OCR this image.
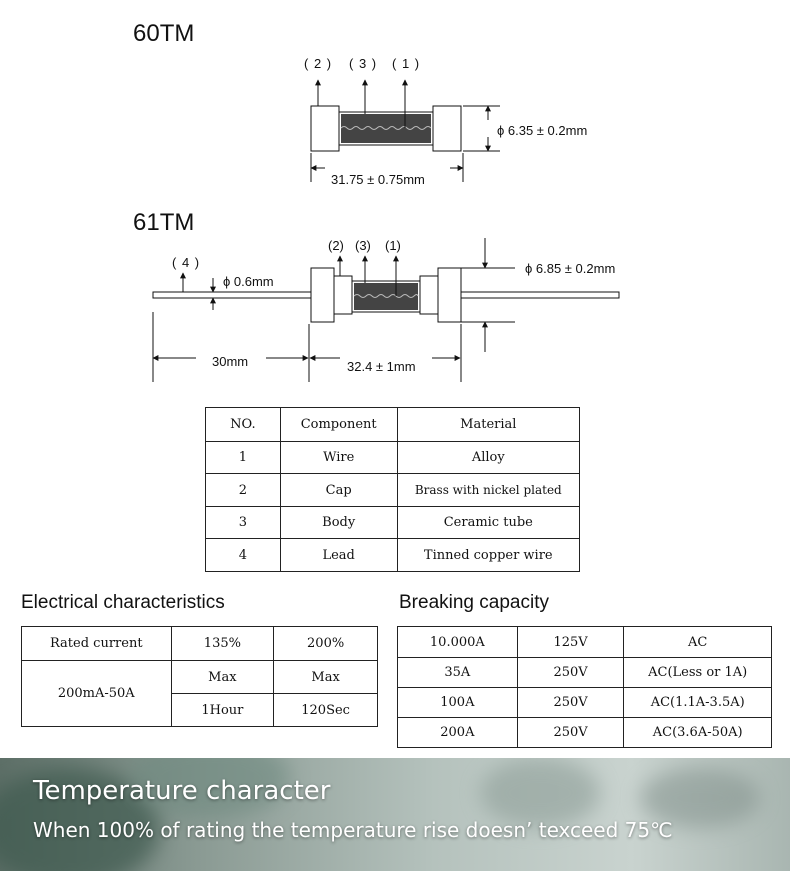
60TM
( 2 ) ( 3 ) ( 1 )
ϕ 6.35 ± 0.2mm
31.75 ± 0.75mm
61TM
(2) (3) (1)
( 4 )
ϕ 0.6mm
ϕ 6.85 ± 0.2mm
30mm	32.4 ± 1mm
NO.	Component	Material
1	Wire	Alloy
2	Cap	Brass with nickel plated
3	Body	Ceramic tube
4	Lead	Tinned copper wire
Electrical characteristics
Rated current	135%	200%
200mA-50A	Max	Max
	1Hour	120Sec
Breaking capacity
10.000A	125V	AC
35A	250V	AC(Less or 1A)
100A	250V	AC(1.1A-3.5A)
200A	250V	AC(3.6A-50A)
Temperature character
When 100% of rating the temperature rise doesn’ texceed 75℃
